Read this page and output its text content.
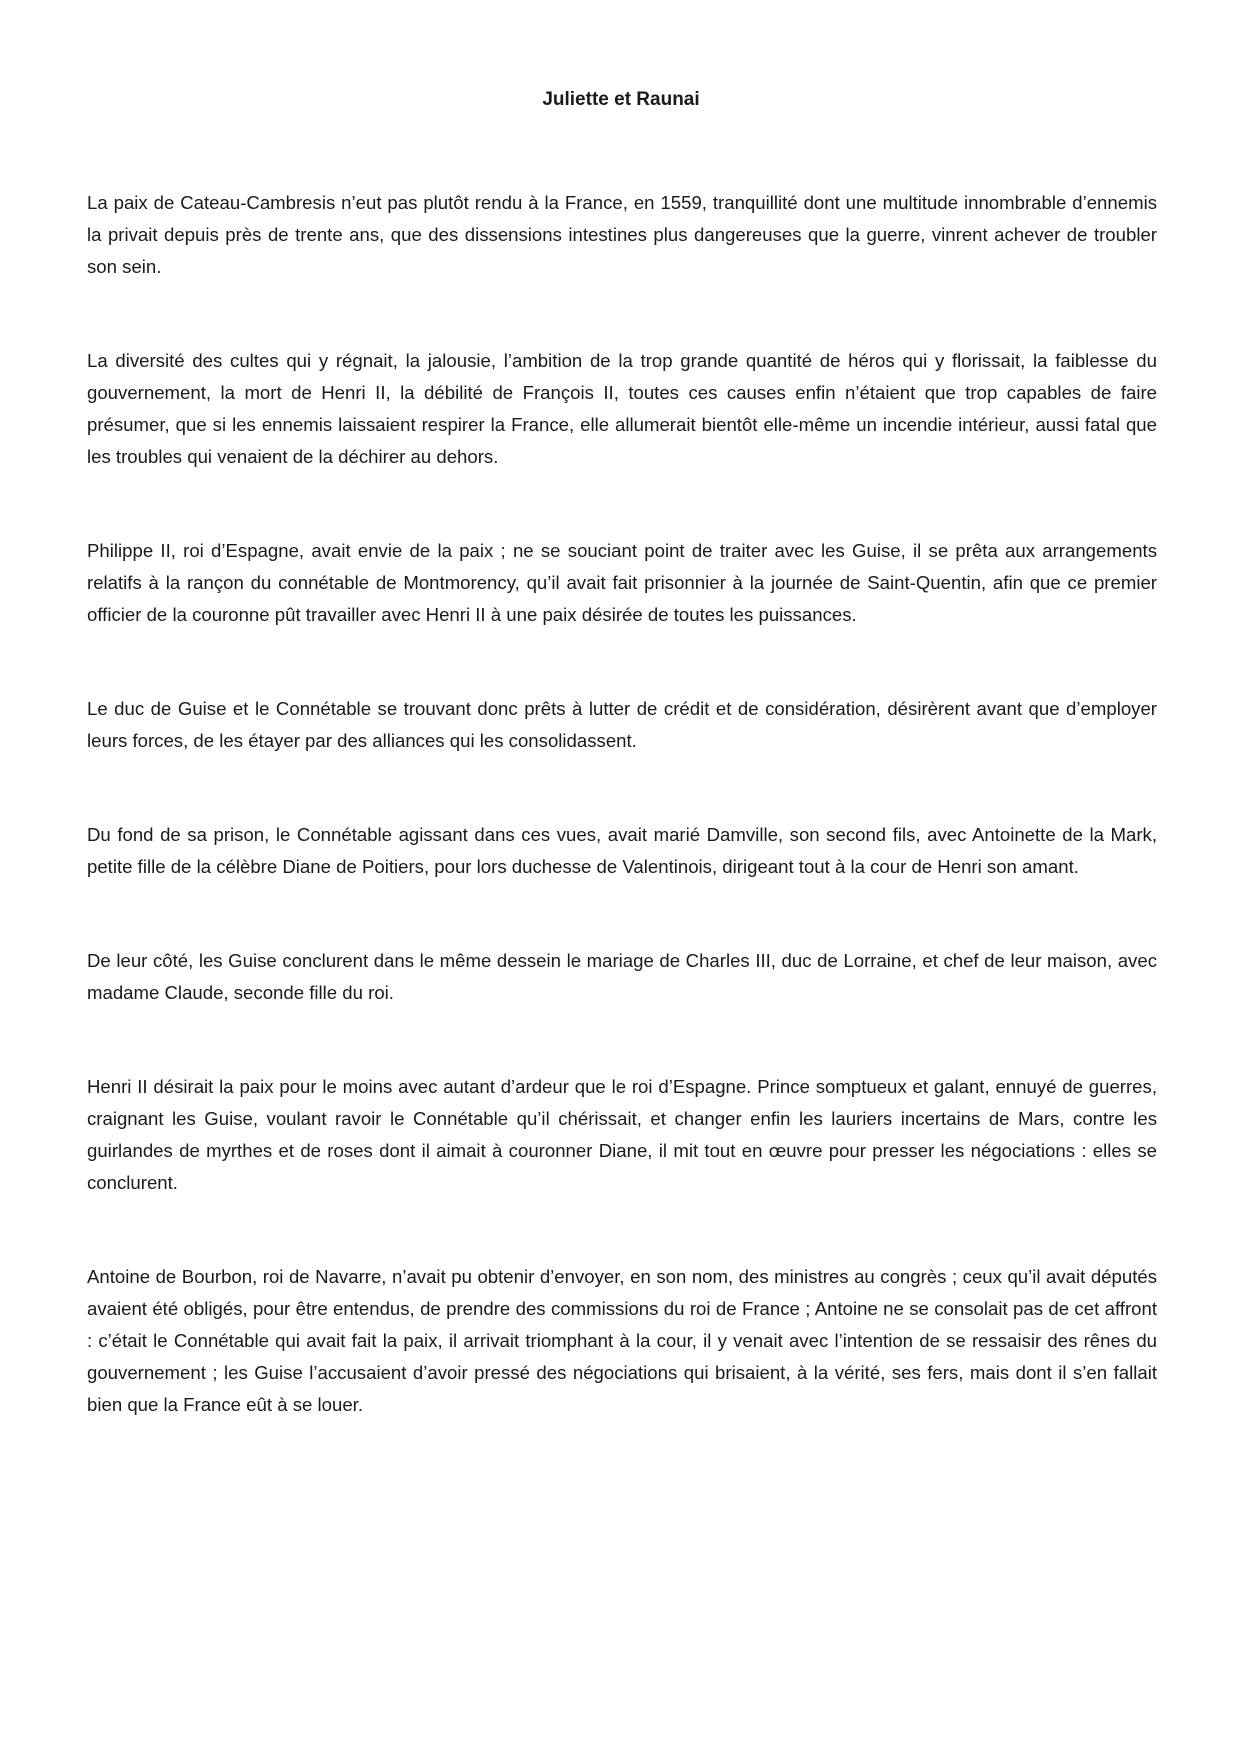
Juliette et Raunai

La paix de Cateau-Cambresis n’eut pas plutôt rendu à la France, en 1559, tranquillité dont une multitude innombrable d’ennemis la privait depuis près de trente ans, que des dissensions intestines plus dangereuses que la guerre, vinrent achever de troubler son sein.

La diversité des cultes qui y régnait, la jalousie, l’ambition de la trop grande quantité de héros qui y florissait, la faiblesse du gouvernement, la mort de Henri II, la débilité de François II, toutes ces causes enfin n’étaient que trop capables de faire présumer, que si les ennemis laissaient respirer la France, elle allumerait bientôt elle-même un incendie intérieur, aussi fatal que les troubles qui venaient de la déchirer au dehors.

Philippe II, roi d’Espagne, avait envie de la paix ; ne se souciant point de traiter avec les Guise, il se prêta aux arrangements relatifs à la rançon du connétable de Montmorency, qu’il avait fait prisonnier à la journée de Saint-Quentin, afin que ce premier officier de la couronne pût travailler avec Henri II à une paix désirée de toutes les puissances.

Le duc de Guise et le Connétable se trouvant donc prêts à lutter de crédit et de considération, désirèrent avant que d’employer leurs forces, de les étayer par des alliances qui les consolidassent.

Du fond de sa prison, le Connétable agissant dans ces vues, avait marié Damville, son second fils, avec Antoinette de la Mark, petite fille de la célèbre Diane de Poitiers, pour lors duchesse de Valentinois, dirigeant tout à la cour de Henri son amant.

De leur côté, les Guise conclurent dans le même dessein le mariage de Charles III, duc de Lorraine, et chef de leur maison, avec madame Claude, seconde fille du roi.

Henri II désirait la paix pour le moins avec autant d’ardeur que le roi d’Espagne. Prince somptueux et galant, ennuyé de guerres, craignant les Guise, voulant ravoir le Connétable qu’il chérissait, et changer enfin les lauriers incertains de Mars, contre les guirlandes de myrthes et de roses dont il aimait à couronner Diane, il mit tout en œuvre pour presser les négociations : elles se conclurent.

Antoine de Bourbon, roi de Navarre, n’avait pu obtenir d’envoyer, en son nom, des ministres au congrès ; ceux qu’il avait députés avaient été obligés, pour être entendus, de prendre des commissions du roi de France ; Antoine ne se consolait pas de cet affront : c’était le Connétable qui avait fait la paix, il arrivait triomphant à la cour, il y venait avec l’intention de se ressaisir des rênes du gouvernement ; les Guise l’accusaient d’avoir pressé des négociations qui brisaient, à la vérité, ses fers, mais dont il s’en fallait bien que la France eût à se louer.
